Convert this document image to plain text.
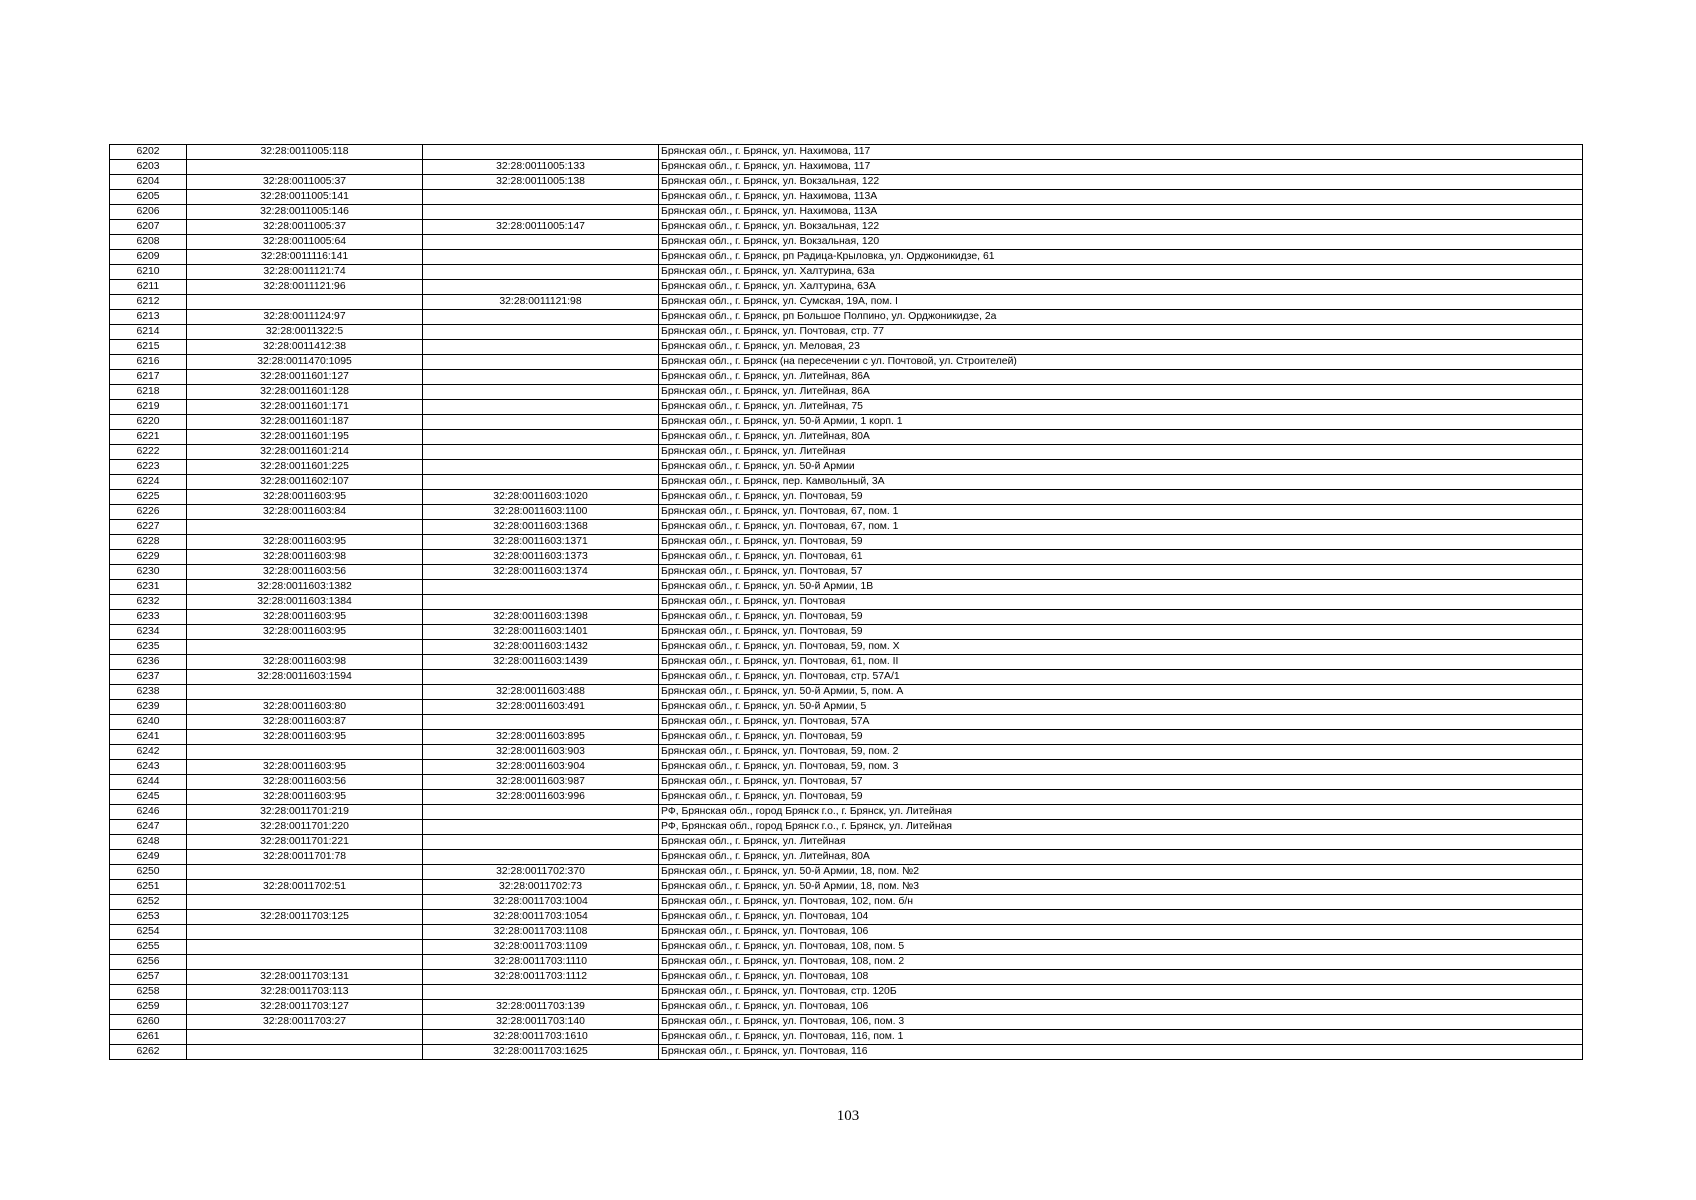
6202	32:28:0011005:118		Брянская обл., г. Брянск, ул. Нахимова, 117
6203		32:28:0011005:133	Брянская обл., г. Брянск, ул. Нахимова, 117
6204	32:28:0011005:37	32:28:0011005:138	Брянская обл., г. Брянск, ул. Вокзальная, 122
6205	32:28:0011005:141		Брянская обл., г. Брянск, ул. Нахимова, 113А
6206	32:28:0011005:146		Брянская обл., г. Брянск, ул. Нахимова, 113А
6207	32:28:0011005:37	32:28:0011005:147	Брянская обл., г. Брянск, ул. Вокзальная, 122
6208	32:28:0011005:64		Брянская обл., г. Брянск, ул. Вокзальная, 120
6209	32:28:0011116:141		Брянская обл., г. Брянск, рп Радица-Крыловка, ул. Орджоникидзе, 61
6210	32:28:0011121:74		Брянская обл., г. Брянск, ул. Халтурина, 63а
6211	32:28:0011121:96		Брянская обл., г. Брянск, ул. Халтурина, 63А
6212		32:28:0011121:98	Брянская обл., г. Брянск, ул. Сумская, 19А, пом. I
6213	32:28:0011124:97		Брянская обл., г. Брянск, рп Большое Полпино, ул. Орджоникидзе, 2а
6214	32:28:0011322:5		Брянская обл., г. Брянск, ул. Почтовая, стр. 77
6215	32:28:0011412:38		Брянская обл., г. Брянск, ул. Меловая, 23
6216	32:28:0011470:1095		Брянская обл., г. Брянск (на пересечении с ул. Почтовой, ул. Строителей)
6217	32:28:0011601:127		Брянская обл., г. Брянск, ул. Литейная, 86А
6218	32:28:0011601:128		Брянская обл., г. Брянск, ул. Литейная, 86А
6219	32:28:0011601:171		Брянская обл., г. Брянск, ул. Литейная, 75
6220	32:28:0011601:187		Брянская обл., г. Брянск, ул. 50-й Армии, 1 корп. 1
6221	32:28:0011601:195		Брянская обл., г. Брянск, ул. Литейная, 80А
6222	32:28:0011601:214		Брянская обл., г. Брянск, ул. Литейная
6223	32:28:0011601:225		Брянская обл., г. Брянск, ул. 50-й Армии
6224	32:28:0011602:107		Брянская обл., г. Брянск, пер. Камвольный, 3А
6225	32:28:0011603:95	32:28:0011603:1020	Брянская обл., г. Брянск, ул. Почтовая, 59
6226	32:28:0011603:84	32:28:0011603:1100	Брянская обл., г. Брянск, ул. Почтовая, 67, пом. 1
6227		32:28:0011603:1368	Брянская обл., г. Брянск, ул. Почтовая, 67, пом. 1
6228	32:28:0011603:95	32:28:0011603:1371	Брянская обл., г. Брянск, ул. Почтовая, 59
6229	32:28:0011603:98	32:28:0011603:1373	Брянская обл., г. Брянск, ул. Почтовая, 61
6230	32:28:0011603:56	32:28:0011603:1374	Брянская обл., г. Брянск, ул. Почтовая, 57
6231	32:28:0011603:1382		Брянская обл., г. Брянск, ул. 50-й Армии, 1В
6232	32:28:0011603:1384		Брянская обл., г. Брянск, ул. Почтовая
6233	32:28:0011603:95	32:28:0011603:1398	Брянская обл., г. Брянск, ул. Почтовая, 59
6234	32:28:0011603:95	32:28:0011603:1401	Брянская обл., г. Брянск, ул. Почтовая, 59
6235		32:28:0011603:1432	Брянская обл., г. Брянск, ул. Почтовая, 59, пом. Х
6236	32:28:0011603:98	32:28:0011603:1439	Брянская обл., г. Брянск, ул. Почтовая, 61, пом. II
6237	32:28:0011603:1594		Брянская обл., г. Брянск, ул. Почтовая, стр. 57А/1
6238		32:28:0011603:488	Брянская обл., г. Брянск, ул. 50-й Армии, 5, пом. А
6239	32:28:0011603:80	32:28:0011603:491	Брянская обл., г. Брянск, ул. 50-й Армии, 5
6240	32:28:0011603:87		Брянская обл., г. Брянск, ул. Почтовая, 57А
6241	32:28:0011603:95	32:28:0011603:895	Брянская обл., г. Брянск, ул. Почтовая, 59
6242		32:28:0011603:903	Брянская обл., г. Брянск, ул. Почтовая, 59, пом. 2
6243	32:28:0011603:95	32:28:0011603:904	Брянская обл., г. Брянск, ул. Почтовая, 59, пом. 3
6244	32:28:0011603:56	32:28:0011603:987	Брянская обл., г. Брянск, ул. Почтовая, 57
6245	32:28:0011603:95	32:28:0011603:996	Брянская обл., г. Брянск, ул. Почтовая, 59
6246	32:28:0011701:219		РФ, Брянская обл., город Брянск г.о., г. Брянск, ул. Литейная
6247	32:28:0011701:220		РФ, Брянская обл., город Брянск г.о., г. Брянск, ул. Литейная
6248	32:28:0011701:221		Брянская обл., г. Брянск, ул. Литейная
6249	32:28:0011701:78		Брянская обл., г. Брянск, ул. Литейная, 80А
6250		32:28:0011702:370	Брянская обл., г. Брянск, ул. 50-й Армии, 18, пом. №2
6251	32:28:0011702:51	32:28:0011702:73	Брянская обл., г. Брянск, ул. 50-й Армии, 18, пом. №3
6252		32:28:0011703:1004	Брянская обл., г. Брянск, ул. Почтовая, 102, пом. б/н
6253	32:28:0011703:125	32:28:0011703:1054	Брянская обл., г. Брянск, ул. Почтовая, 104
6254		32:28:0011703:1108	Брянская обл., г. Брянск, ул. Почтовая, 106
6255		32:28:0011703:1109	Брянская обл., г. Брянск, ул. Почтовая, 108, пом. 5
6256		32:28:0011703:1110	Брянская обл., г. Брянск, ул. Почтовая, 108, пом. 2
6257	32:28:0011703:131	32:28:0011703:1112	Брянская обл., г. Брянск, ул. Почтовая, 108
6258	32:28:0011703:113		Брянская обл., г. Брянск, ул. Почтовая, стр. 120Б
6259	32:28:0011703:127	32:28:0011703:139	Брянская обл., г. Брянск, ул. Почтовая, 106
6260	32:28:0011703:27	32:28:0011703:140	Брянская обл., г. Брянск, ул. Почтовая, 106, пом. 3
6261		32:28:0011703:1610	Брянская обл., г. Брянск, ул. Почтовая, 116, пом. 1
6262		32:28:0011703:1625	Брянская обл., г. Брянск, ул. Почтовая, 116
103
